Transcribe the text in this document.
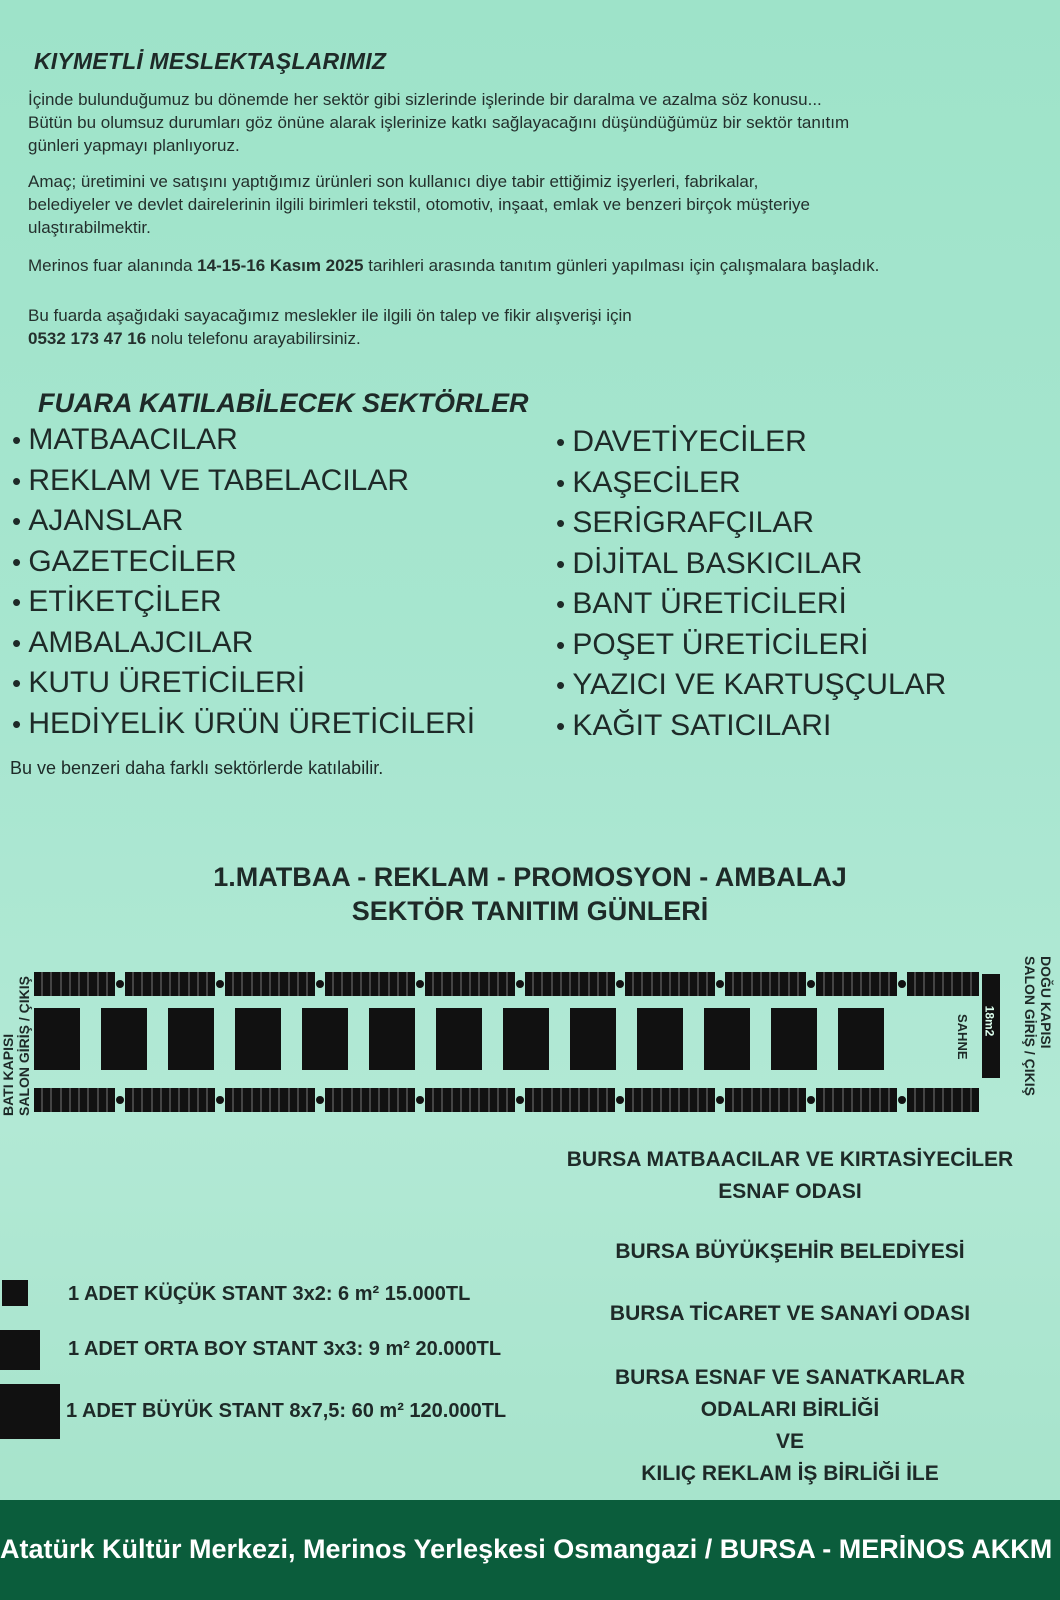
KIYMETLİ MESLEKTAŞLARIMIZ
İçinde bulunduğumuz bu dönemde her sektör gibi sizlerinde işlerinde bir daralma ve azalma söz konusu...
Bütün bu olumsuz durumları göz önüne alarak işlerinize katkı sağlayacağını düşündüğümüz bir sektör tanıtım
günleri yapmayı planlıyoruz.
Amaç; üretimini ve satışını yaptığımız ürünleri son kullanıcı diye tabir ettiğimiz işyerleri, fabrikalar,
belediyeler ve devlet dairelerinin ilgili birimleri tekstil, otomotiv, inşaat, emlak ve benzeri birçok müşteriye
ulaştırabilmektir.
Merinos fuar alanında 14-15-16 Kasım 2025 tarihleri arasında tanıtım günleri yapılması için çalışmalara başladık.
Bu fuarda aşağıdaki sayacağımız meslekler ile ilgili ön talep ve fikir alışverişi için
0532 173 47 16 nolu telefonu arayabilirsiniz.
FUARA KATILABİLECEK SEKTÖRLER
• MATBAACILAR
• REKLAM VE TABELACILAR
• AJANSLAR
• GAZETECİLER
• ETİKETÇİLER
• AMBALAJCILAR
• KUTU ÜRETİCİLERİ
• HEDİYELİK ÜRÜN ÜRETİCİLERİ
• DAVETİYECİLER
• KAŞECİLER
• SERİGRAFÇILAR
• DİJİTAL BASKICILAR
• BANT ÜRETİCİLERİ
• POŞET ÜRETİCİLERİ
• YAZICI VE KARTUŞÇULAR
• KAĞIT SATICILARI
Bu ve benzeri daha farklı sektörlerde katılabilir.
1.MATBAA - REKLAM - PROMOSYON - AMBALAJ
SEKTÖR TANITIM GÜNLERİ
BATI KAPISI SALON GİRİŞ / ÇIKIŞ	DOĞU KAPISI
SALON GİRİŞ / ÇIKIŞ
18m2
SAHNE
BURSA MATBAACILAR VE KIRTASİYECİLER
ESNAF ODASI
BURSA BÜYÜKŞEHİR BELEDİYESİ
BURSA TİCARET VE SANAYİ ODASI
BURSA ESNAF VE SANATKARLAR
ODALARI BİRLİĞİ
VE
KILIÇ REKLAM İŞ BİRLİĞİ İLE
1 ADET KÜÇÜK STANT 3x2: 6 m² 15.000TL
1 ADET ORTA BOY STANT 3x3: 9 m² 20.000TL
1 ADET BÜYÜK STANT 8x7,5: 60 m² 120.000TL
Atatürk Kültür Merkezi, Merinos Yerleşkesi Osmangazi / BURSA - MERİNOS AKKM
